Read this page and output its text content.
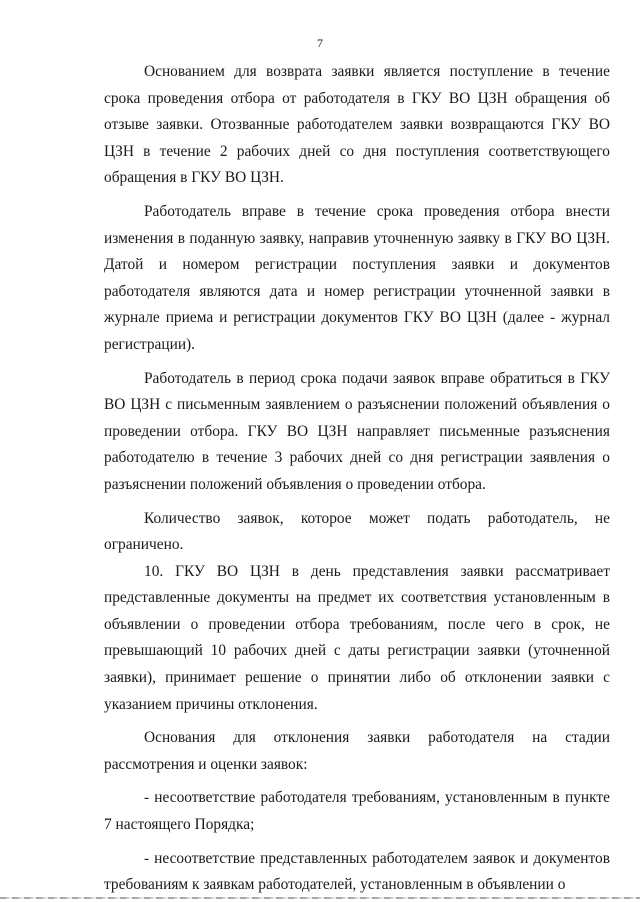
7

Основанием для возврата заявки является поступление в течение срока проведения отбора от работодателя в ГКУ ВО ЦЗН обращения об отзыве заявки. Отозванные работодателем заявки возвращаются ГКУ ВО ЦЗН в течение 2 рабочих дней со дня поступления соответствующего обращения в ГКУ ВО ЦЗН.

Работодатель вправе в течение срока проведения отбора внести изменения в поданную заявку, направив уточненную заявку в ГКУ ВО ЦЗН. Датой и номером регистрации поступления заявки и документов работодателя являются дата и номер регистрации уточненной заявки в журнале приема и регистрации документов ГКУ ВО ЦЗН (далее - журнал регистрации).

Работодатель в период срока подачи заявок вправе обратиться в ГКУ ВО ЦЗН с письменным заявлением о разъяснении положений объявления о проведении отбора. ГКУ ВО ЦЗН направляет письменные разъяснения работодателю в течение 3 рабочих дней со дня регистрации заявления о разъяснении положений объявления о проведении отбора.

Количество заявок, которое может подать работодатель, не ограничено.

10. ГКУ ВО ЦЗН в день представления заявки рассматривает представленные документы на предмет их соответствия установленным в объявлении о проведении отбора требованиям, после чего в срок, не превышающий 10 рабочих дней с даты регистрации заявки (уточненной заявки), принимает решение о принятии либо об отклонении заявки с указанием причины отклонения.

Основания для отклонения заявки работодателя на стадии рассмотрения и оценки заявок:

- несоответствие работодателя требованиям, установленным в пункте 7 настоящего Порядка;

- несоответствие представленных работодателем заявок и документов требованиям к заявкам работодателей, установленным в объявлении о
